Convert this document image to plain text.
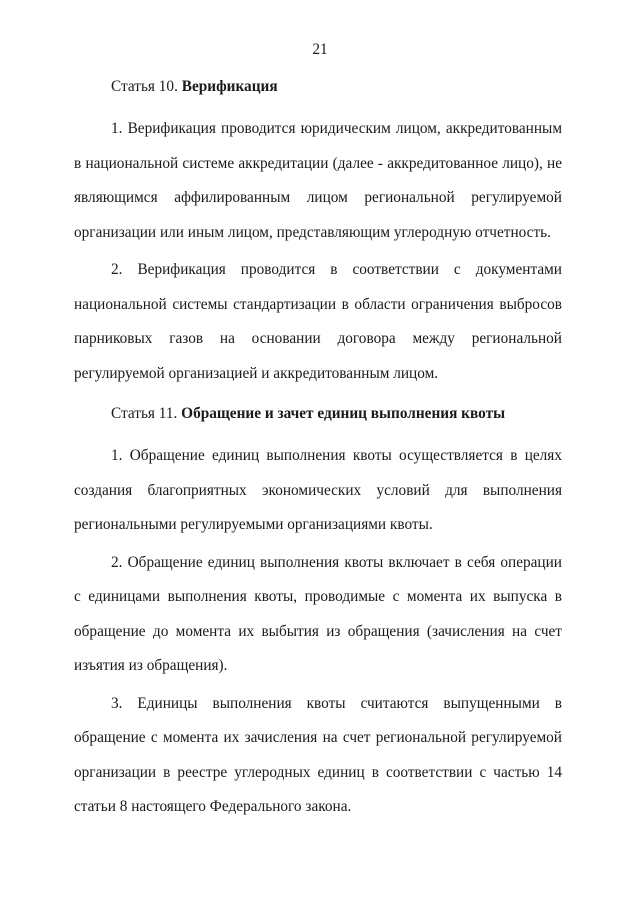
21
Статья 10. Верификация

1. Верификация проводится юридическим лицом, аккредитованным в национальной системе аккредитации (далее - аккредитованное лицо), не являющимся аффилированным лицом региональной регулируемой организации или иным лицом, представляющим углеродную отчетность.

2. Верификация проводится в соответствии с документами национальной системы стандартизации в области ограничения выбросов парниковых газов на основании договора между региональной регулируемой организацией и аккредитованным лицом.

Статья 11. Обращение и зачет единиц выполнения квоты

1. Обращение единиц выполнения квоты осуществляется в целях создания благоприятных экономических условий для выполнения региональными регулируемыми организациями квоты.

2. Обращение единиц выполнения квоты включает в себя операции с единицами выполнения квоты, проводимые с момента их выпуска в обращение до момента их выбытия из обращения (зачисления на счет изъятия из обращения).

3. Единицы выполнения квоты считаются выпущенными в обращение с момента их зачисления на счет региональной регулируемой организации в реестре углеродных единиц в соответствии с частью 14 статьи 8 настоящего Федерального закона.
